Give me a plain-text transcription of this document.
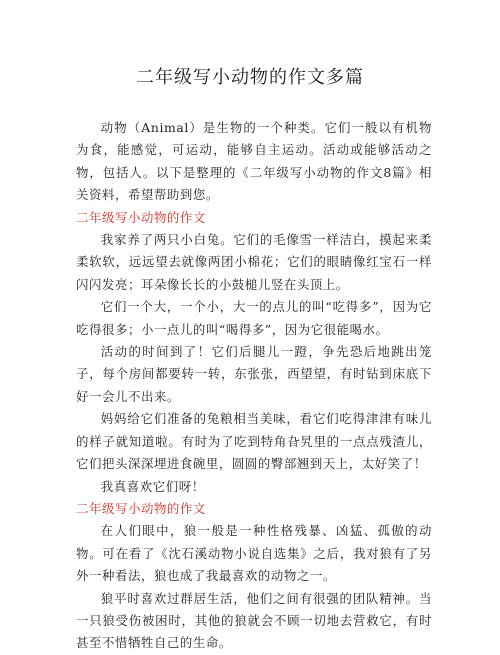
二年级写小动物的作文多篇

动物（Animal）是生物的一个种类。它们一般以有机物为食，能感觉，可运动，能够自主运动。活动或能够活动之物，包括人。以下是整理的《二年级写小动物的作文8篇》相关资料，希望帮助到您。

二年级写小动物的作文

我家养了两只小白兔。它们的毛像雪一样洁白，摸起来柔柔软软，远远望去就像两团小棉花；它们的眼睛像红宝石一样闪闪发亮；耳朵像长长的小鼓槌儿竖在头顶上。

它们一个大，一个小，大一的点儿的叫“吃得多”，因为它吃得很多；小一点儿的叫“喝得多”，因为它很能喝水。

活动的时间到了！它们后腿儿一蹬，争先恐后地跳出笼子，每个房间都要转一转，东张张，西望望，有时钻到床底下好一会儿不出来。

妈妈给它们准备的兔粮相当美味，看它们吃得津津有味儿的样子就知道啦。有时为了吃到特角旮旯里的一点点残渣儿，它们把头深深埋进食碗里，圆圆的臀部翘到天上，太好笑了！

我真喜欢它们呀！

二年级写小动物的作文

在人们眼中，狼一般是一种性格残暴、凶猛、孤傲的动物。可在看了《沈石溪动物小说自选集》之后，我对狼有了另外一种看法，狼也成了我最喜欢的动物之一。

狼平时喜欢过群居生活，他们之间有很强的团队精神。当一只狼受伤被困时，其他的狼就会不顾一切地去营救它，有时甚至不惜牺牲自己的生命。
